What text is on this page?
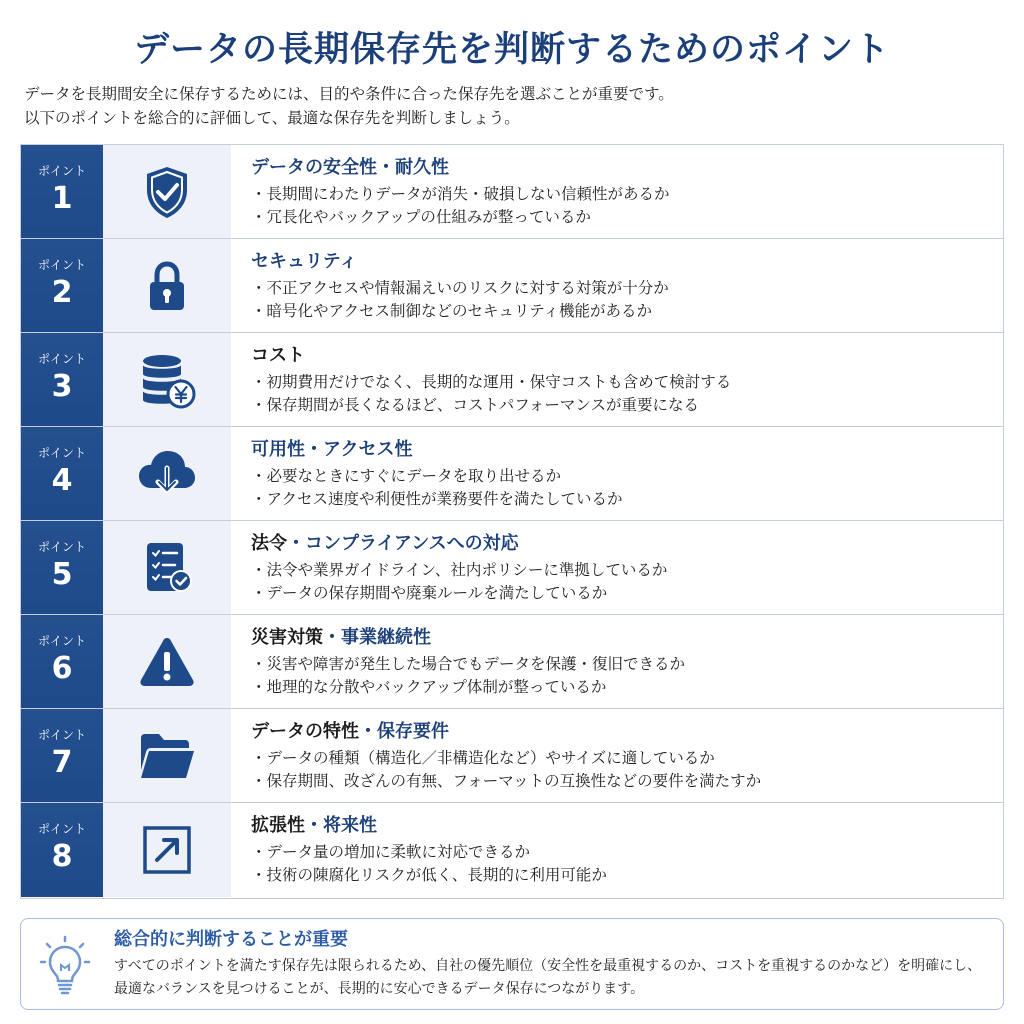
データの長期保存先を判断するためのポイント
データを長期間安全に保存するためには、目的や条件に合った保存先を選ぶことが重要です。
以下のポイントを総合的に評価して、最適な保存先を判断しましょう。
ポイント
1
データの安全性・耐久性
・長期間にわたりデータが消失・破損しない信頼性があるか
・冗長化やバックアップの仕組みが整っているか
ポイント
2
セキュリティ
・不正アクセスや情報漏えいのリスクに対する対策が十分か
・暗号化やアクセス制御などのセキュリティ機能があるか
ポイント
3
コスト
・初期費用だけでなく、長期的な運用・保守コストも含めて検討する
・保存期間が長くなるほど、コストパフォーマンスが重要になる
ポイント
4
可用性・アクセス性
・必要なときにすぐにデータを取り出せるか
・アクセス速度や利便性が業務要件を満たしているか
ポイント
5
法令・コンプライアンスへの対応
・法令や業界ガイドライン、社内ポリシーに準拠しているか
・データの保存期間や廃棄ルールを満たしているか
ポイント
6
災害対策・事業継続性
・災害や障害が発生した場合でもデータを保護・復旧できるか
・地理的な分散やバックアップ体制が整っているか
ポイント
7
データの特性・保存要件
・データの種類（構造化／非構造化など）やサイズに適しているか
・保存期間、改ざんの有無、フォーマットの互換性などの要件を満たすか
ポイント
8
拡張性・将来性
・データ量の増加に柔軟に対応できるか
・技術の陳腐化リスクが低く、長期的に利用可能か
総合的に判断することが重要
すべてのポイントを満たす保存先は限られるため、自社の優先順位（安全性を最重視するのか、コストを重視するのかなど）を明確にし、
最適なバランスを見つけることが、長期的に安心できるデータ保存につながります。
